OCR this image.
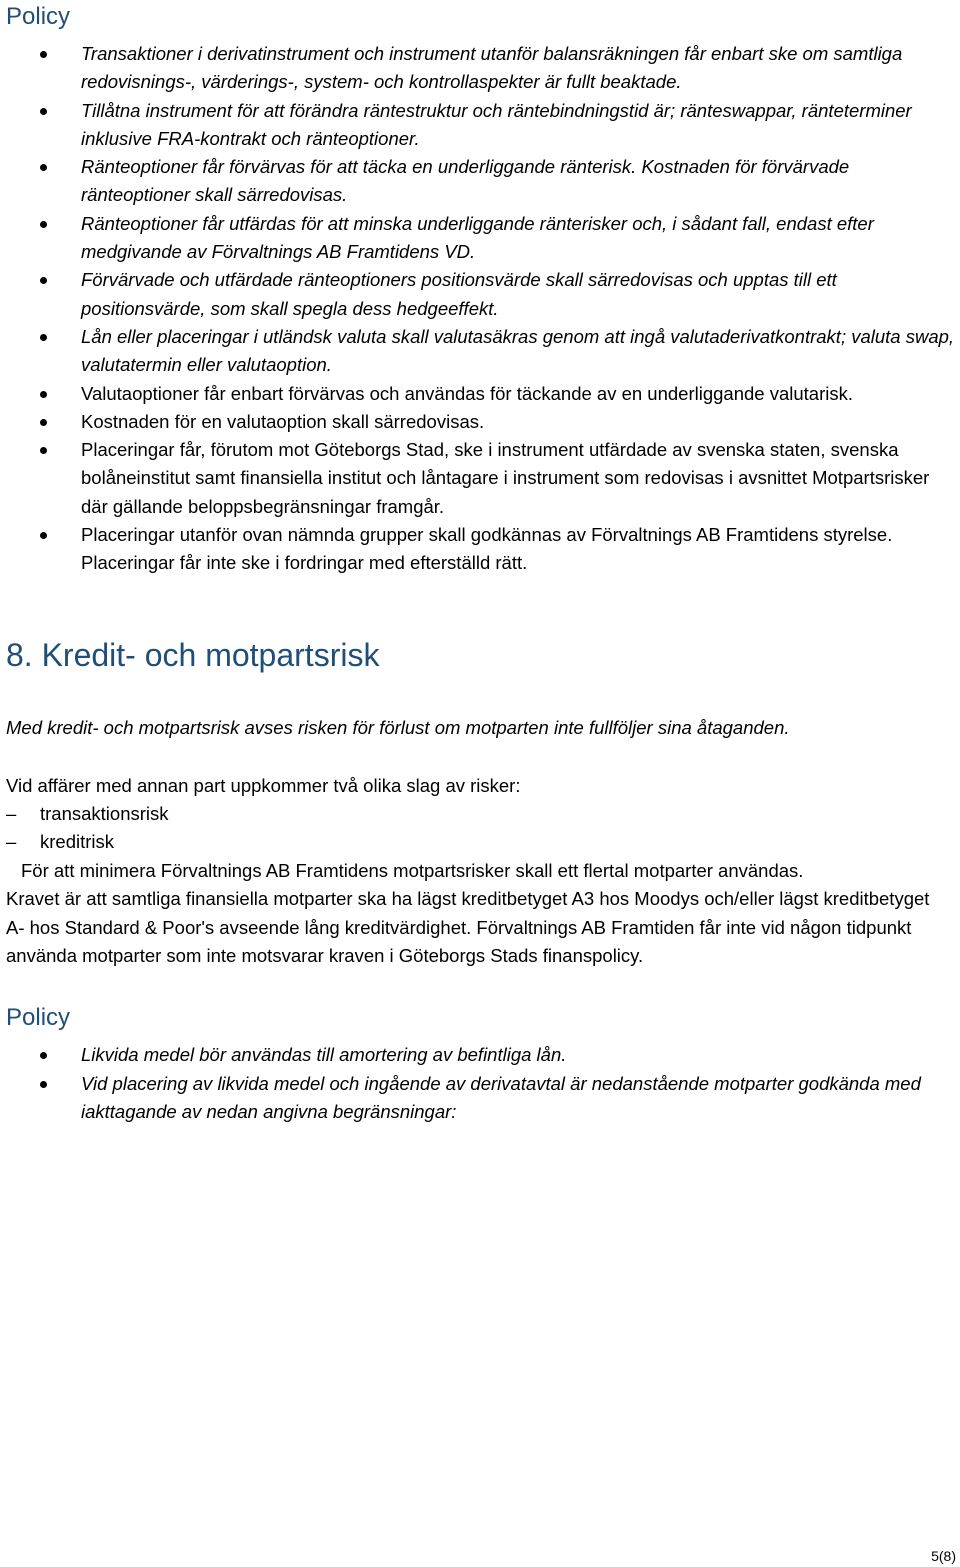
Policy
Transaktioner i derivatinstrument och instrument utanför balansräkningen får enbart ske om samtliga redovisnings-, värderings-, system- och kontrollaspekter är fullt beaktade.
Tillåtna instrument för att förändra räntestruktur och räntebindningstid är; ränteswappar, ränteterminer inklusive FRA-kontrakt och ränteoptioner.
Ränteoptioner får förvärvas för att täcka en underliggande ränterisk. Kostnaden för förvärvade ränteoptioner skall särredovisas.
Ränteoptioner får utfärdas för att minska underliggande ränterisker och, i sådant fall, endast efter medgivande av Förvaltnings AB Framtidens VD.
Förvärvade och utfärdade ränteoptioners positionsvärde skall särredovisas och upptas till ett positionsvärde, som skall spegla dess hedgeeffekt.
Lån eller placeringar i utländsk valuta skall valutasäkras genom att ingå valutaderivatkontrakt; valuta swap, valutatermin eller valutaoption.
Valutaoptioner får enbart förvärvas och användas för täckande av en underliggande valutarisk.
Kostnaden för en valutaoption skall särredovisas.
Placeringar får, förutom mot Göteborgs Stad, ske i instrument utfärdade av svenska staten, svenska bolåneinstitut samt finansiella institut och låntagare i instrument som redovisas i avsnittet Motpartsrisker där gällande beloppsbegränsningar framgår.
Placeringar utanför ovan nämnda grupper skall godkännas av Förvaltnings AB Framtidens styrelse. Placeringar får inte ske i fordringar med efterställd rätt.
8. Kredit- och motpartsrisk

Med kredit- och motpartsrisk avses risken för förlust om motparten inte fullföljer sina åtaganden.

Vid affärer med annan part uppkommer två olika slag av risker:

– transaktionsrisk

– kreditrisk

För att minimera Förvaltnings AB Framtidens motpartsrisker skall ett flertal motparter användas.

Kravet är att samtliga finansiella motparter ska ha lägst kreditbetyget A3 hos Moodys och/eller lägst kreditbetyget A- hos Standard & Poor's avseende lång kreditvärdighet. Förvaltnings AB Framtiden får inte vid någon tidpunkt använda motparter som inte motsvarar kraven i Göteborgs Stads finanspolicy.

Policy
Likvida medel bör användas till amortering av befintliga lån.
Vid placering av likvida medel och ingående av derivatavtal är nedanstående motparter godkända med iakttagande av nedan angivna begränsningar:
5(8)
